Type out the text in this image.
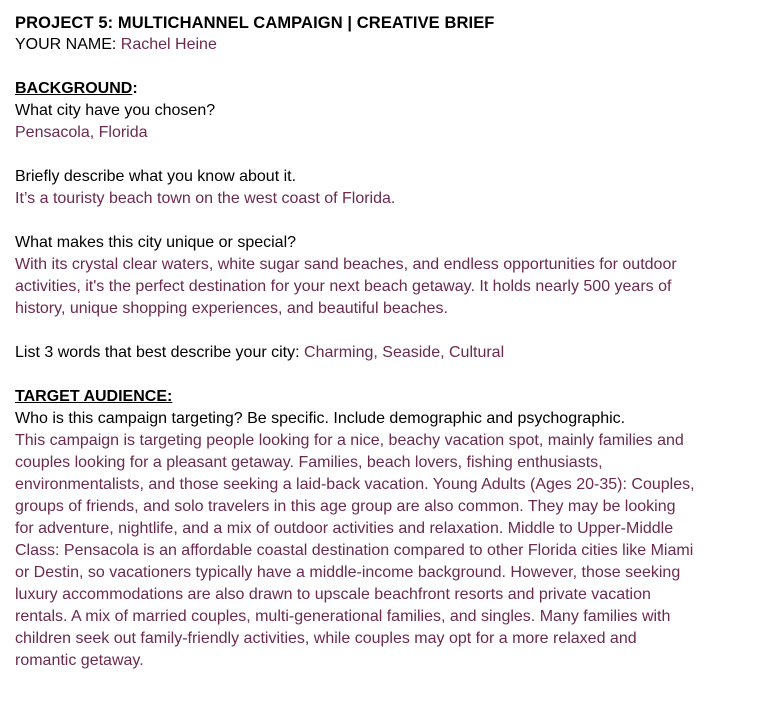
PROJECT 5: MULTICHANNEL CAMPAIGN | CREATIVE BRIEF
YOUR NAME: Rachel Heine
BACKGROUND:
What city have you chosen?
Pensacola, Florida
Briefly describe what you know about it.
It’s a touristy beach town on the west coast of Florida.
What makes this city unique or special?
With its crystal clear waters, white sugar sand beaches, and endless opportunities for outdoor
activities, it's the perfect destination for your next beach getaway. It holds nearly 500 years of
history, unique shopping experiences, and beautiful beaches.
List 3 words that best describe your city: Charming, Seaside, Cultural
TARGET AUDIENCE:
Who is this campaign targeting? Be specific. Include demographic and psychographic.
This campaign is targeting people looking for a nice, beachy vacation spot, mainly families and
couples looking for a pleasant getaway. Families, beach lovers, fishing enthusiasts,
environmentalists, and those seeking a laid-back vacation. Young Adults (Ages 20-35): Couples,
groups of friends, and solo travelers in this age group are also common. They may be looking
for adventure, nightlife, and a mix of outdoor activities and relaxation. Middle to Upper-Middle
Class: Pensacola is an affordable coastal destination compared to other Florida cities like Miami
or Destin, so vacationers typically have a middle-income background. However, those seeking
luxury accommodations are also drawn to upscale beachfront resorts and private vacation
rentals. A mix of married couples, multi-generational families, and singles. Many families with
children seek out family-friendly activities, while couples may opt for a more relaxed and
romantic getaway.
